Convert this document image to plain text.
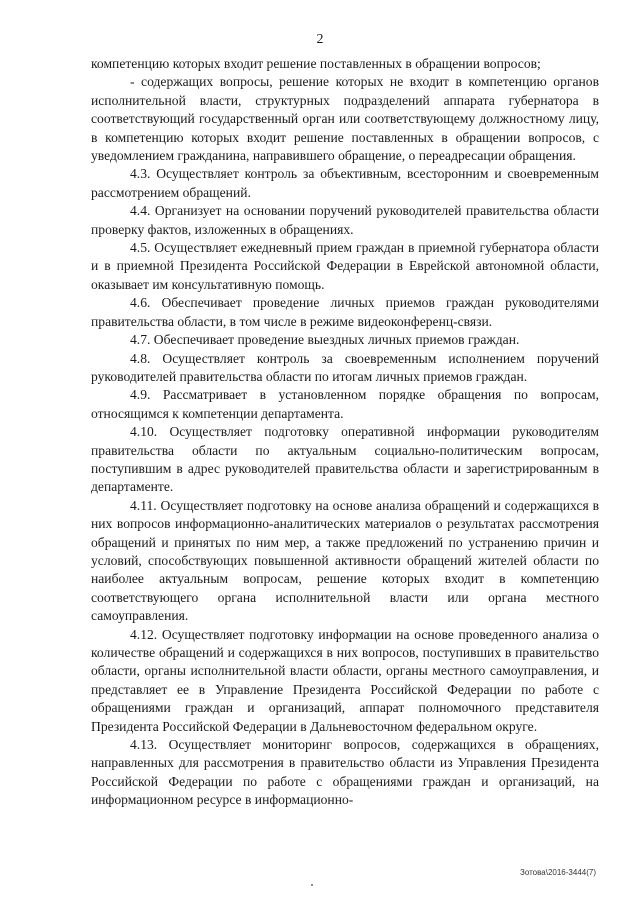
2

компетенцию которых входит решение поставленных в обращении вопросов;

- содержащих вопросы, решение которых не входит в компетенцию органов исполнительной власти, структурных подразделений аппарата губернатора в соответствующий государственный орган или соответствующему должностному лицу, в компетенцию которых входит решение поставленных в обращении вопросов, с уведомлением гражданина, направившего обращение, о переадресации обращения.

4.3. Осуществляет контроль за объективным, всесторонним и своевременным рассмотрением обращений.

4.4. Организует на основании поручений руководителей правительства области проверку фактов, изложенных в обращениях.

4.5. Осуществляет ежедневный прием граждан в приемной губернатора области и в приемной Президента Российской Федерации в Еврейской автономной области, оказывает им консультативную помощь.

4.6. Обеспечивает проведение личных приемов граждан руководителями правительства области, в том числе в режиме видеоконференц-связи.

4.7. Обеспечивает проведение выездных личных приемов граждан.

4.8. Осуществляет контроль за своевременным исполнением поручений руководителей правительства области по итогам личных приемов граждан.

4.9. Рассматривает в установленном порядке обращения по вопросам, относящимся к компетенции департамента.

4.10. Осуществляет подготовку оперативной информации руководителям правительства области по актуальным социально-политическим вопросам, поступившим в адрес руководителей правительства области и зарегистрированным в департаменте.

4.11. Осуществляет подготовку на основе анализа обращений и содержащихся в них вопросов информационно-аналитических материалов о результатах рассмотрения обращений и принятых по ним мер, а также предложений по устранению причин и условий, способствующих повышенной активности обращений жителей области по наиболее актуальным вопросам, решение которых входит в компетенцию соответствующего органа исполнительной власти или органа местного самоуправления.

4.12. Осуществляет подготовку информации на основе проведенного анализа о количестве обращений и содержащихся в них вопросов, поступивших в правительство области, органы исполнительной власти области, органы местного самоуправления, и представляет ее в Управление Президента Российской Федерации по работе с обращениями граждан и организаций, аппарат полномочного представителя Президента Российской Федерации в Дальневосточном федеральном округе.

4.13. Осуществляет мониторинг вопросов, содержащихся в обращениях, направленных для рассмотрения в правительство области из Управления Президента Российской Федерации по работе с обращениями граждан и организаций, на информационном ресурсе в информационно-

Зотова\2016-3444(7)
